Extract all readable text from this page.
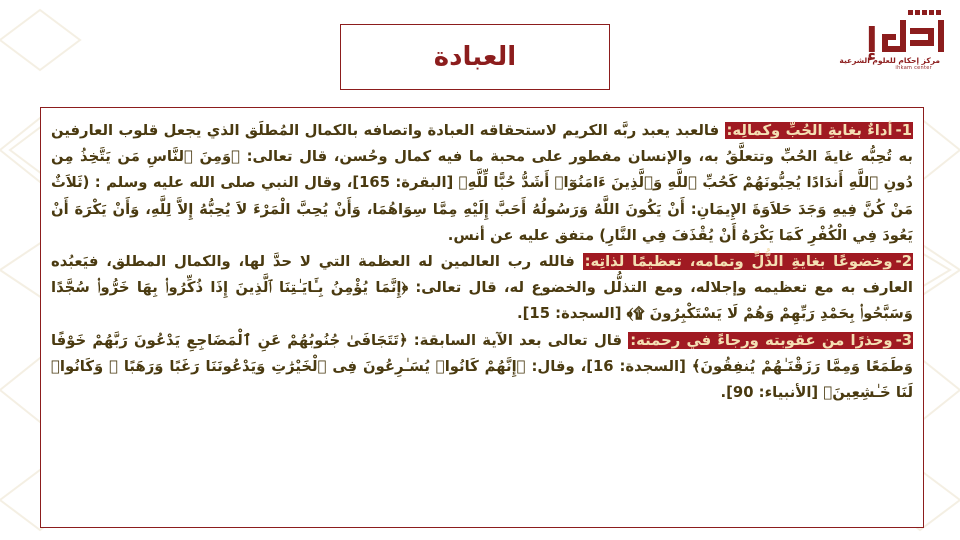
إ
مركز إحكام للعلوم الشرعية
ihkam center
العبادة

1-أداءٌ بغايةِ الحُبِّ وكمالِه: فالعبد يعبد ربَّه الكريم لاستحقاقه العبادة واتصافه بالكمال المُطلَق الذي يجعل قلوب العارفين به تُحِبُّه غايةَ الحُبِّ وتتعلَّقُ به، والإنسان مفطور على محبة ما فيه كمال وحُسن، قال تعالى: ﴿وَمِنَ ٱلنَّاسِ مَن يَتَّخِذُ مِن دُونِ ٱللَّهِ أَندَادًا يُحِبُّونَهُمْ كَحُبِّ ٱللَّهِ وَٱلَّذِينَ ءَامَنُوٓا۟ أَشَدُّ حُبًّا لِّلَّهِ﴾ [البقرة: 165]، وقال النبي صلى الله عليه وسلم : (ثَلاَثٌ مَنْ كُنَّ فِيهِ وَجَدَ حَلاَوَةَ الإِيمَانِ: أَنْ يَكُونَ اللَّهُ وَرَسُولُهُ أَحَبَّ إِلَيْهِ مِمَّا سِوَاهُمَا، وَأَنْ يُحِبَّ الْمَرْءَ لاَ يُحِبُّهُ إِلاَّ لِلَّهِ، وَأَنْ يَكْرَهَ أَنْ يَعُودَ فِي الْكُفْرِ كَمَا يَكْرَهُ أَنْ يُقْذَفَ فِي النَّارِ) متفق عليه عن أنس.

2-وخضوعًا بغايةِ الذُّلِّ وتمامه، تعظيمًا لذاتِه: فالله رب العالمين له العظمة التي لا حدَّ لها، والكمال المطلق، فيَعبُده العارف به مع تعظيمه وإجلاله، ومع التذلُّل والخضوع له، قال تعالى: ﴿إِنَّمَا يُؤْمِنُ بِـَٔايَـٰتِنَا ٱلَّذِينَ إِذَا ذُكِّرُوا۟ بِهَا خَرُّوا۟ سُجَّدًا وَسَبَّحُوا۟ بِحَمْدِ رَبِّهِمْ وَهُمْ لَا يَسْتَكْبِرُونَ ۩﴾ [السجدة: 15].

3-وحذرًا من عقوبته ورجاءً في رحمته: قال تعالى بعد الآية السابقة: ﴿تَتَجَافَىٰ جُنُوبُهُمْ عَنِ ٱلْمَضَاجِعِ يَدْعُونَ رَبَّهُمْ خَوْفًا وَطَمَعًا وَمِمَّا رَزَقْنَـٰهُمْ يُنفِقُونَ﴾ [السجدة: 16]، وقال: ﴿إِنَّهُمْ كَانُوا۟ يُسَـٰرِعُونَ فِى ٱلْخَيْرَٰتِ وَيَدْعُونَنَا رَغَبًا وَرَهَبًا ۖ وَكَانُوا۟ لَنَا خَـٰشِعِينَ﴾ [الأنبياء: 90].
